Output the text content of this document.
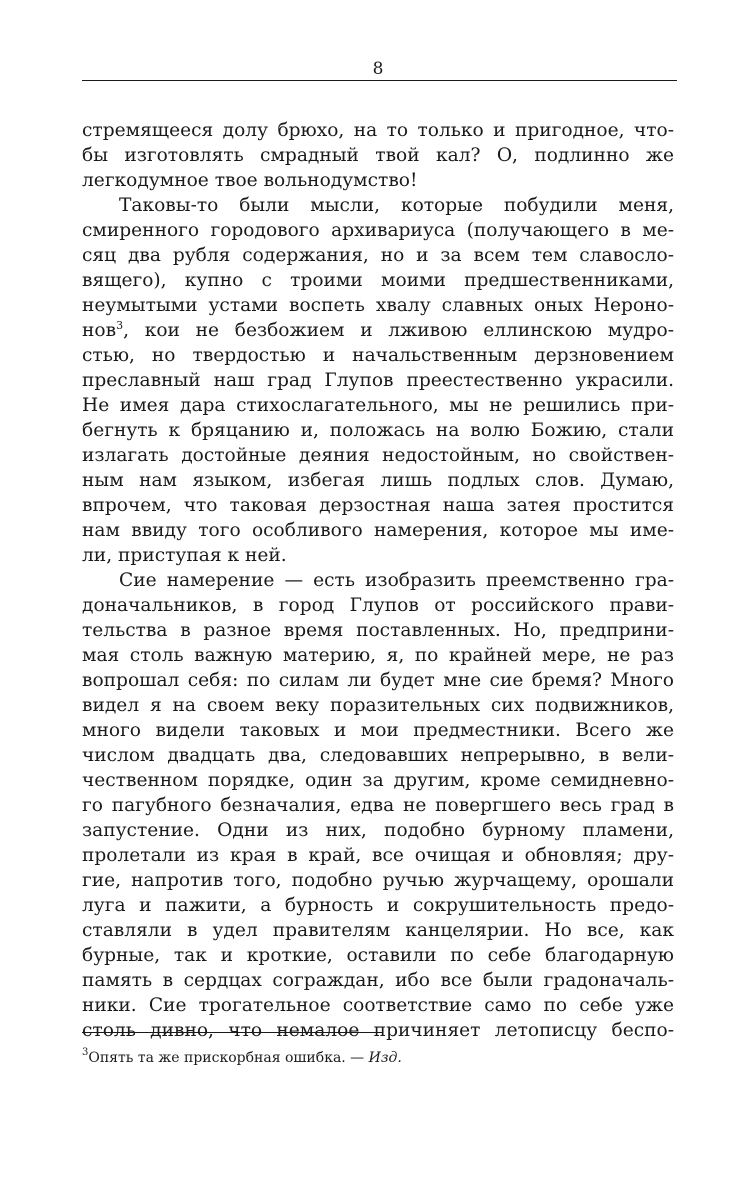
8
стремящееся долу брюхо, на то только и пригодное, что-
бы изготовлять смрадный твой кал? О, подлинно же
легкодумное твое вольнодумство!
Таковы-то были мысли, которые побудили меня,
смиренного городового архивариуса (получающего в ме-
сяц два рубля содержания, но и за всем тем славосло-
вящего), купно с троими моими предшественниками,
неумытыми устами воспеть хвалу славных оных Нероно-
нов$^3$, кои не безбожием и лживою еллинскою мудро-
стью, но твердостью и начальственным дерзновением
преславный наш град Глупов преестественно украсили.
Не имея дара стихослагательного, мы не решились при-
бегнуть к бряцанию и, положась на волю Божию, стали
излагать достойные деяния недостойным, но свойствен-
ным нам языком, избегая лишь подлых слов. Думаю,
впрочем, что таковая дерзостная наша затея простится
нам ввиду того особливого намерения, которое мы име-
ли, приступая к ней.
Сие намерение — есть изобразить преемственно гра-
доначальников, в город Глупов от российского прави-
тельства в разное время поставленных. Но, предприни-
мая столь важную материю, я, по крайней мере, не раз
вопрошал себя: по силам ли будет мне сие бремя? Много
видел я на своем веку поразительных сих подвижников,
много видели таковых и мои предместники. Всего же
числом двадцать два, следовавших непрерывно, в вели-
чественном порядке, один за другим, кроме семидневно-
го пагубного безначалия, едва не повергшего весь град в
запустение. Одни из них, подобно бурному пламени,
пролетали из края в край, все очищая и обновляя; дру-
гие, напротив того, подобно ручью журчащему, орошали
луга и пажити, а бурность и сокрушительность предо-
ставляли в удел правителям канцелярии. Но все, как
бурные, так и кроткие, оставили по себе благодарную
память в сердцах сограждан, ибо все были градоначаль-
ники. Сие трогательное соответствие само по себе уже
столь дивно, что немалое причиняет летописцу беспо-
$^3$Опять та же прискорбная ошибка. — Изд.
